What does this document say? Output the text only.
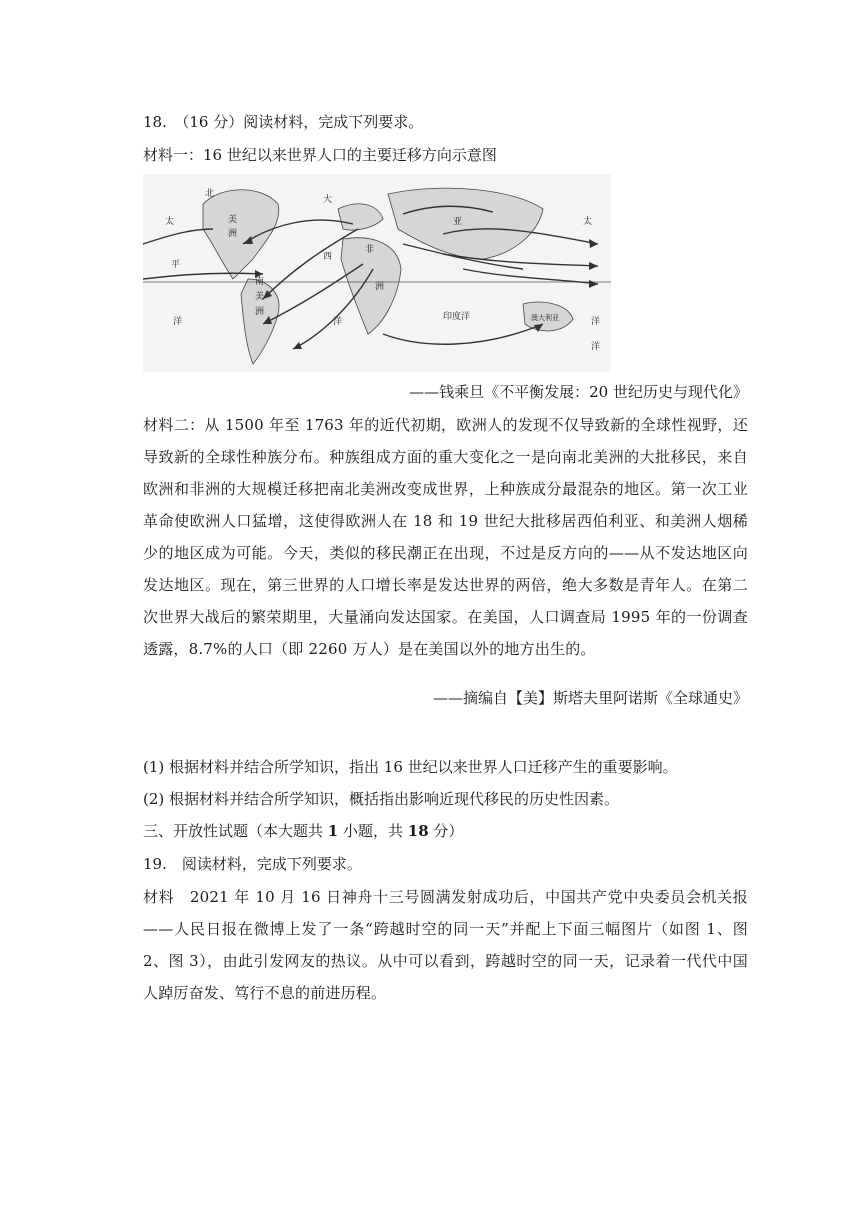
18.　（16 分）阅读材料，完成下列要求。
材料一：16 世纪以来世界人口的主要迁移方向示意图
北
大
太	美
平
洲
洋
西
非
亚	太
南
美
洲
洲
洋	洋
印度洋	澳大利亚
洋
——钱乘旦《不平衡发展：20 世纪历史与现代化》
材料二：从 1500 年至 1763 年的近代初期，欧洲人的发现不仅导致新的全球性视野，还导致新的全球性种族分布。种族组成方面的重大变化之一是向南北美洲的大批移民，来自欧洲和非洲的大规模迁移把南北美洲改变成世界，上种族成分最混杂的地区。第一次工业革命使欧洲人口猛增，这使得欧洲人在 18 和 19 世纪大批移居西伯利亚、和美洲人烟稀少的地区成为可能。今天，类似的移民潮正在出现，不过是反方向的——从不发达地区向发达地区。现在，第三世界的人口增长率是发达世界的两倍，绝大多数是青年人。在第二次世界大战后的繁荣期里，大量涌向发达国家。在美国，人口调查局 1995 年的一份调查透露，8.7%的人口（即 2260 万人）是在美国以外的地方出生的。
——摘编自【美】斯塔夫里阿诺斯《全球通史》
(1) 根据材料并结合所学知识，指出 16 世纪以来世界人口迁移产生的重要影响。
(2) 根据材料并结合所学知识，概括指出影响近现代移民的历史性因素。
三、开放性试题（本大题共 1 小题，共 18 分）
19.　阅读材料，完成下列要求。
材料　2021 年 10 月 16 日神舟十三号圆满发射成功后，中国共产党中央委员会机关报——人民日报在微博上发了一条“跨越时空的同一天”并配上下面三幅图片（如图 1、图 2、图 3），由此引发网友的热议。从中可以看到，跨越时空的同一天，记录着一代代中国人踔厉奋发、笃行不息的前进历程。
